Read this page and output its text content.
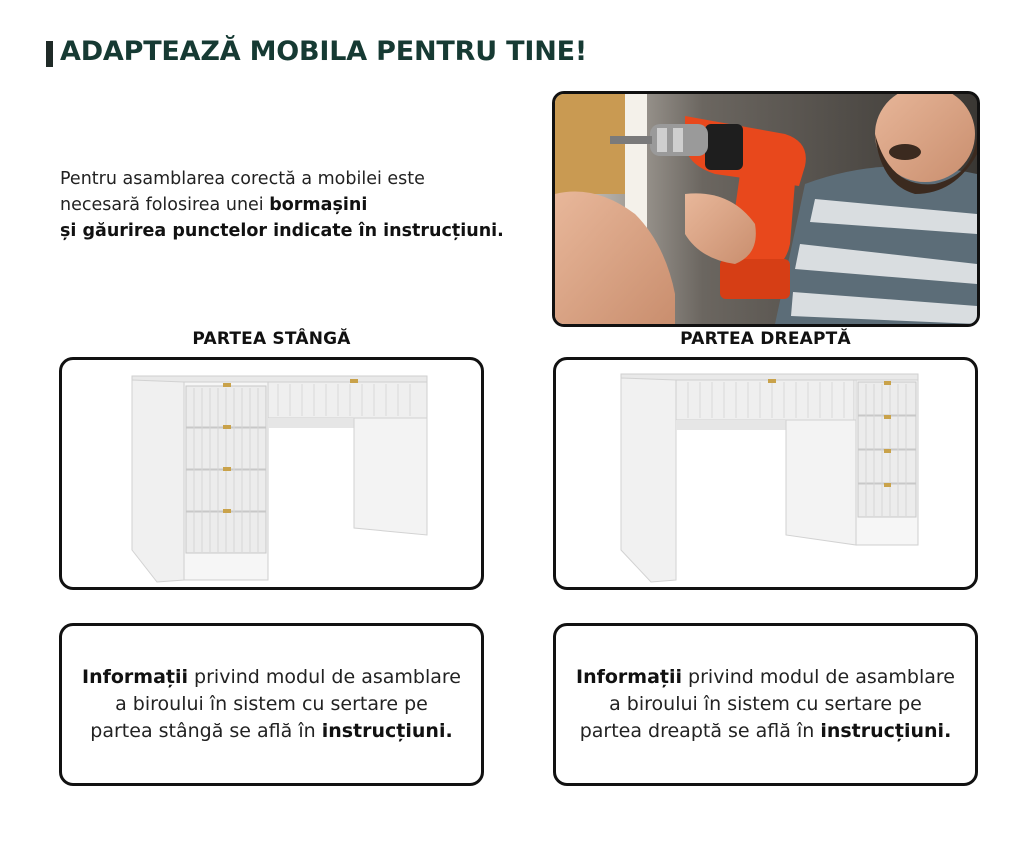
ADAPTEAZĂ MOBILA PENTRU TINE!
Pentru asamblarea corectă a mobilei este
necesară folosirea unei bormașini
și găurirea punctelor indicate în instrucțiuni.
PARTEA STÂNGĂ	PARTEA DREAPTĂ
Informații privind modul de asamblare
a biroului în sistem cu sertare pe
partea stângă se află în instrucțiuni.
Informații privind modul de asamblare
a biroului în sistem cu sertare pe
partea dreaptă se află în instrucțiuni.
